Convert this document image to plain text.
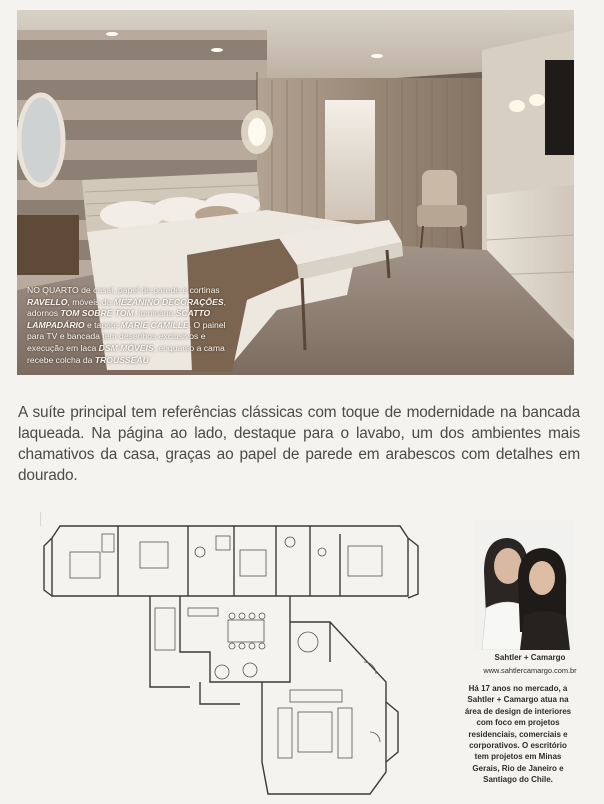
NO QUARTO de casal, papel de parede e cortinas RAVELLO, móveis da MEZANINO DECORAÇÕES, adornos TOM SOBRE TOM, luminária SCATTO LAMPADÁRIO e tapete MARIE CAMILLE. O painel para TV e bancada tem desenhos exclusivos e execução em laca DSM MÓVEIS, enquanto a cama recebe colcha da TROUSSEAU
A suíte principal tem referências clássicas com toque de modernidade na bancada laqueada. Na página ao lado, destaque para o lavabo, um dos ambientes mais chamativos da casa, graças ao papel de parede em arabescos com detalhes em dourado.
Sahtler + Camargo
www.sahtlercamargo.com.br
Há 17 anos no mercado, a Sahtler + Camargo atua na área de design de interiores com foco em projetos residenciais, comerciais e corporativos. O escritório tem projetos em Minas Gerais, Rio de Janeiro e Santiago do Chile.
